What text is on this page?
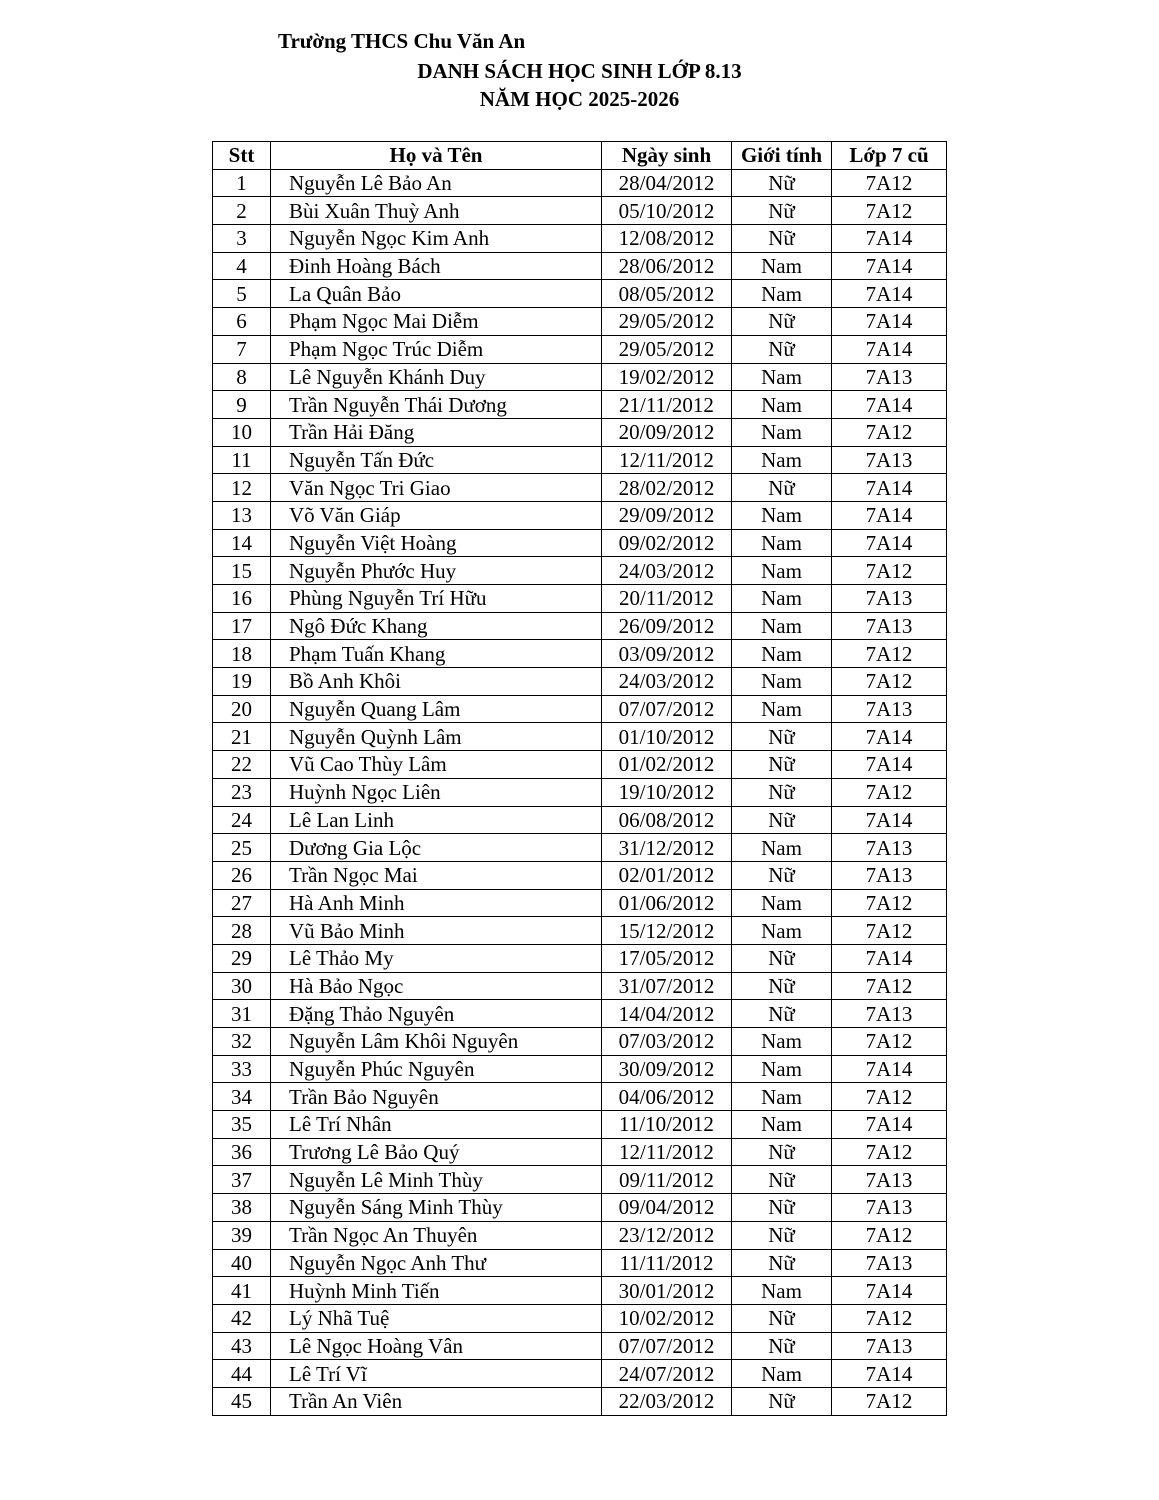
Trường THCS Chu Văn An
DANH SÁCH HỌC SINH LỚP 8.13
NĂM HỌC 2025-2026
Stt	Họ và Tên	Ngày sinh	Giới tính	Lớp 7 cũ
1	Nguyễn Lê Bảo An	28/04/2012	Nữ	7A12
2	Bùi Xuân Thuỳ Anh	05/10/2012	Nữ	7A12
3	Nguyễn Ngọc Kim Anh	12/08/2012	Nữ	7A14
4	Đinh Hoàng Bách	28/06/2012	Nam	7A14
5	La Quân Bảo	08/05/2012	Nam	7A14
6	Phạm Ngọc Mai Diễm	29/05/2012	Nữ	7A14
7	Phạm Ngọc Trúc Diễm	29/05/2012	Nữ	7A14
8	Lê Nguyễn Khánh Duy	19/02/2012	Nam	7A13
9	Trần Nguyễn Thái Dương	21/11/2012	Nam	7A14
10	Trần Hải Đăng	20/09/2012	Nam	7A12
11	Nguyễn Tấn Đức	12/11/2012	Nam	7A13
12	Văn Ngọc Tri Giao	28/02/2012	Nữ	7A14
13	Võ Văn Giáp	29/09/2012	Nam	7A14
14	Nguyễn Việt Hoàng	09/02/2012	Nam	7A14
15	Nguyễn Phước Huy	24/03/2012	Nam	7A12
16	Phùng Nguyễn Trí Hữu	20/11/2012	Nam	7A13
17	Ngô Đức Khang	26/09/2012	Nam	7A13
18	Phạm Tuấn Khang	03/09/2012	Nam	7A12
19	Bồ Anh Khôi	24/03/2012	Nam	7A12
20	Nguyễn Quang Lâm	07/07/2012	Nam	7A13
21	Nguyễn Quỳnh Lâm	01/10/2012	Nữ	7A14
22	Vũ Cao Thùy Lâm	01/02/2012	Nữ	7A14
23	Huỳnh Ngọc Liên	19/10/2012	Nữ	7A12
24	Lê Lan Linh	06/08/2012	Nữ	7A14
25	Dương Gia Lộc	31/12/2012	Nam	7A13
26	Trần Ngọc Mai	02/01/2012	Nữ	7A13
27	Hà Anh Minh	01/06/2012	Nam	7A12
28	Vũ Bảo Minh	15/12/2012	Nam	7A12
29	Lê Thảo My	17/05/2012	Nữ	7A14
30	Hà Bảo Ngọc	31/07/2012	Nữ	7A12
31	Đặng Thảo Nguyên	14/04/2012	Nữ	7A13
32	Nguyễn Lâm Khôi Nguyên	07/03/2012	Nam	7A12
33	Nguyễn Phúc Nguyên	30/09/2012	Nam	7A14
34	Trần Bảo Nguyên	04/06/2012	Nam	7A12
35	Lê Trí Nhân	11/10/2012	Nam	7A14
36	Trương Lê Bảo Quý	12/11/2012	Nữ	7A12
37	Nguyễn Lê Minh Thùy	09/11/2012	Nữ	7A13
38	Nguyễn Sáng Minh Thùy	09/04/2012	Nữ	7A13
39	Trần Ngọc An Thuyên	23/12/2012	Nữ	7A12
40	Nguyễn Ngọc Anh Thư	11/11/2012	Nữ	7A13
41	Huỳnh Minh Tiến	30/01/2012	Nam	7A14
42	Lý Nhã Tuệ	10/02/2012	Nữ	7A12
43	Lê Ngọc Hoàng Vân	07/07/2012	Nữ	7A13
44	Lê Trí Vĩ	24/07/2012	Nam	7A14
45	Trần An Viên	22/03/2012	Nữ	7A12
